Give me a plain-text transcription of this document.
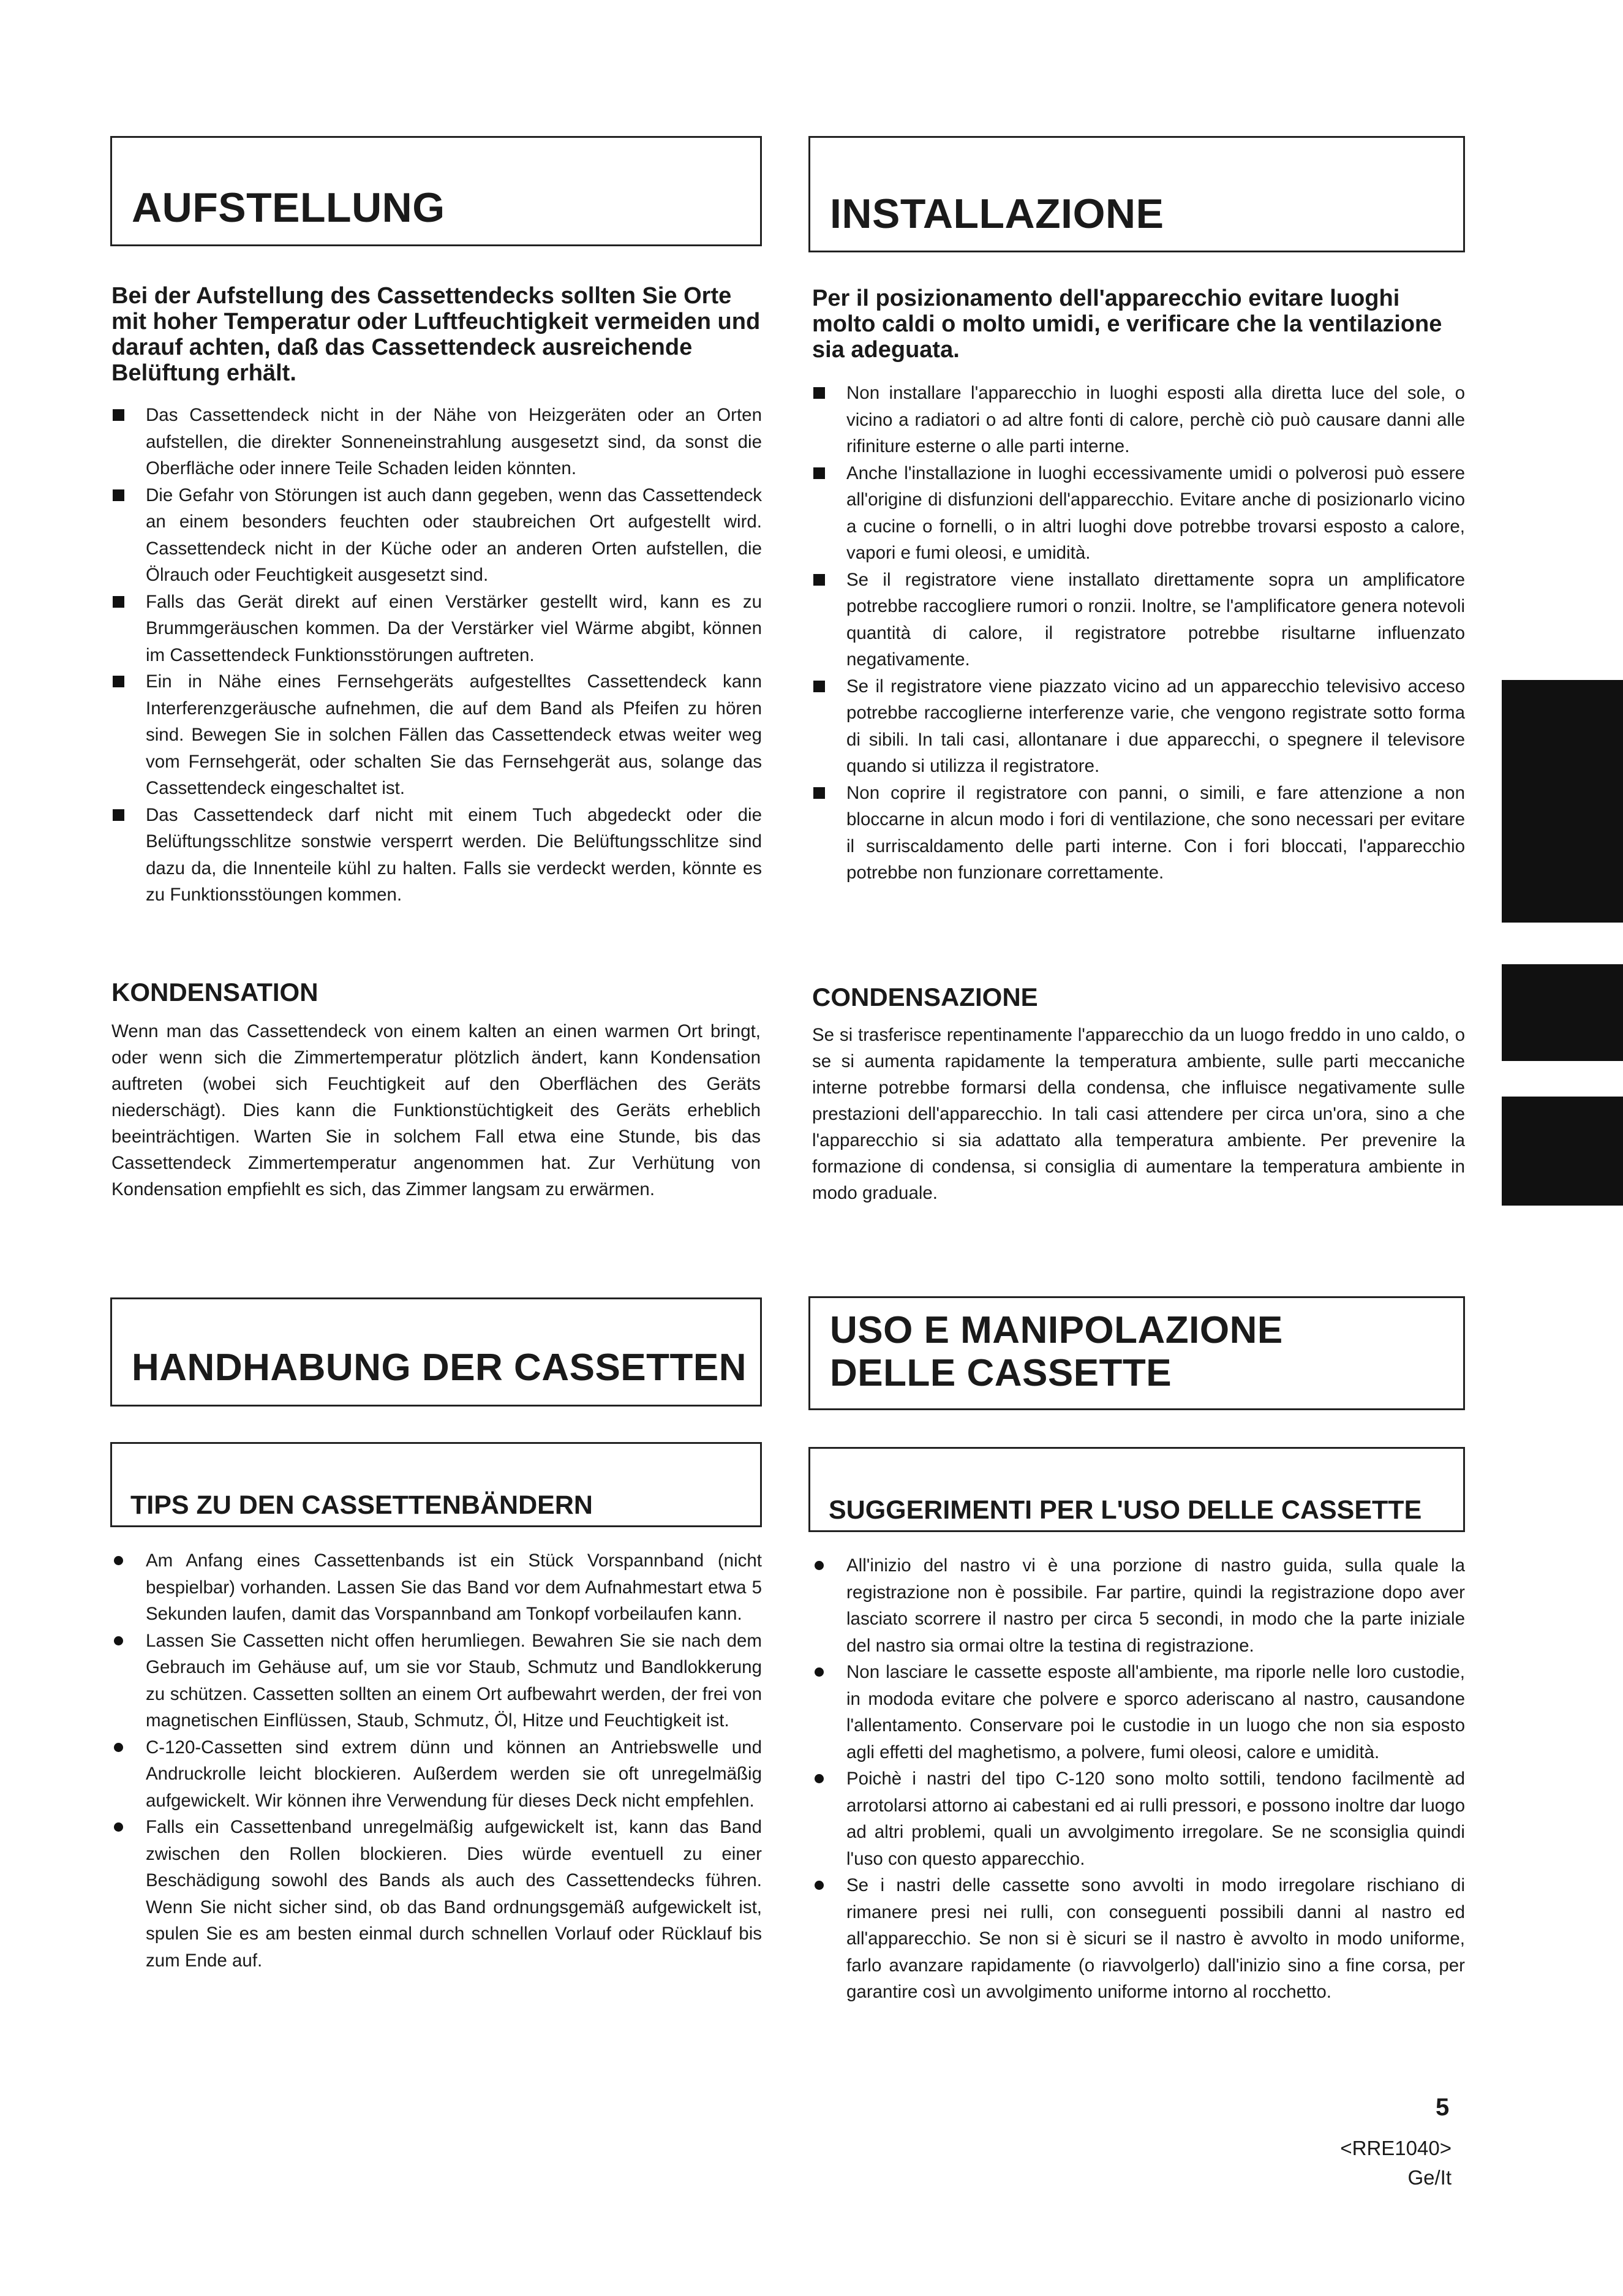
AUFSTELLUNG

Bei der Aufstellung des Cassettendecks sollten Sie Orte mit hoher Temperatur oder Luftfeuchtigkeit vermeiden und darauf achten, daß das Cassettendeck ausreichende Belüftung erhält.

Das Cassettendeck nicht in der Nähe von Heizgeräten oder an Orten aufstellen, die direkter Sonneneinstrahlung ausgesetzt sind, da sonst die Oberfläche oder innere Teile Schaden leiden könnten.
Die Gefahr von Störungen ist auch dann gegeben, wenn das Cassettendeck an einem besonders feuchten oder staubreichen Ort aufgestellt wird. Cassettendeck nicht in der Küche oder an anderen Orten aufstellen, die Ölrauch oder Feuchtigkeit ausgesetzt sind.
Falls das Gerät direkt auf einen Verstärker gestellt wird, kann es zu Brummgeräuschen kommen. Da der Verstärker viel Wärme abgibt, können im Cassettendeck Funktionsstörungen auftreten.
Ein in Nähe eines Fernsehgeräts aufgestelltes Cassettendeck kann Interferenzgeräusche aufnehmen, die auf dem Band als Pfeifen zu hören sind. Bewegen Sie in solchen Fällen das Cassettendeck etwas weiter weg vom Fernsehgerät, oder schalten Sie das Fernsehgerät aus, solange das Cassettendeck eingeschaltet ist.
Das Cassettendeck darf nicht mit einem Tuch abgedeckt oder die Belüftungsschlitze sonstwie versperrt werden. Die Belüftungsschlitze sind dazu da, die Innenteile kühl zu halten. Falls sie verdeckt werden, könnte es zu Funktionsstöungen kommen.
KONDENSATION

Wenn man das Cassettendeck von einem kalten an einen warmen Ort bringt, oder wenn sich die Zimmertemperatur plötzlich ändert, kann Kondensation auftreten (wobei sich Feuchtigkeit auf den Oberflächen des Geräts niederschägt). Dies kann die Funktionstüchtigkeit des Geräts erheblich beeinträchtigen. Warten Sie in solchem Fall etwa eine Stunde, bis das Cassettendeck Zimmertemperatur angenommen hat. Zur Verhütung von Kondensation empfiehlt es sich, das Zimmer langsam zu erwärmen.

HANDHABUNG DER CASSETTEN
TIPS ZU DEN CASSETTENBÄNDERN
Am Anfang eines Cassettenbands ist ein Stück Vorspannband (nicht bespielbar) vorhanden. Lassen Sie das Band vor dem Aufnahmestart etwa 5 Sekunden laufen, damit das Vorspannband am Tonkopf vorbeilaufen kann.
Lassen Sie Cassetten nicht offen herumliegen. Bewahren Sie sie nach dem Gebrauch im Gehäuse auf, um sie vor Staub, Schmutz und Bandlokkerung zu schützen. Cassetten sollten an einem Ort aufbewahrt werden, der frei von magnetischen Einflüssen, Staub, Schmutz, Öl, Hitze und Feuchtigkeit ist.
C-120-Cassetten sind extrem dünn und können an Antriebswelle und Andruckrolle leicht blockieren. Außerdem werden sie oft unregelmäßig aufgewickelt. Wir können ihre Verwendung für dieses Deck nicht empfehlen.
Falls ein Cassettenband unregelmäßig aufgewickelt ist, kann das Band zwischen den Rollen blockieren. Dies würde eventuell zu einer Beschädigung sowohl des Bands als auch des Cassettendecks führen. Wenn Sie nicht sicher sind, ob das Band ordnungsgemäß aufgewickelt ist, spulen Sie es am besten einmal durch schnellen Vorlauf oder Rücklauf bis zum Ende auf.
INSTALLAZIONE

Per il posizionamento dell'apparecchio evitare luoghi molto caldi o molto umidi, e verificare che la ventilazione sia adeguata.

Non installare l'apparecchio in luoghi esposti alla diretta luce del sole, o vicino a radiatori o ad altre fonti di calore, perchè ciò può causare danni alle rifiniture esterne o alle parti interne.
Anche l'installazione in luoghi eccessivamente umidi o polverosi può essere all'origine di disfunzioni dell'apparecchio. Evitare anche di posizionarlo vicino a cucine o fornelli, o in altri luoghi dove potrebbe trovarsi esposto a calore, vapori e fumi oleosi, e umidità.
Se il registratore viene installato direttamente sopra un amplificatore potrebbe raccogliere rumori o ronzii. Inoltre, se l'amplificatore genera notevoli quantità di calore, il registratore potrebbe risultarne influenzato negativamente.
Se il registratore viene piazzato vicino ad un apparecchio televisivo acceso potrebbe raccoglierne interferenze varie, che vengono registrate sotto forma di sibili. In tali casi, allontanare i due apparecchi, o spegnere il televisore quando si utilizza il registratore.
Non coprire il registratore con panni, o simili, e fare attenzione a non bloccarne in alcun modo i fori di ventilazione, che sono necessari per evitare il surriscaldamento delle parti interne. Con i fori bloccati, l'apparecchio potrebbe non funzionare correttamente.
CONDENSAZIONE

Se si trasferisce repentinamente l'apparecchio da un luogo freddo in uno caldo, o se si aumenta rapidamente la temperatura ambiente, sulle parti meccaniche interne potrebbe formarsi della condensa, che influisce negativamente sulle prestazioni dell'apparecchio. In tali casi attendere per circa un'ora, sino a che l'apparecchio si sia adattato alla temperatura ambiente. Per prevenire la formazione di condensa, si consiglia di aumentare la temperatura ambiente in modo graduale.

USO E MANIPOLAZIONE
DELLE CASSETTE
SUGGERIMENTI PER L'USO DELLE CASSETTE
All'inizio del nastro vi è una porzione di nastro guida, sulla quale la registrazione non è possibile. Far partire, quindi la registrazione dopo aver lasciato scorrere il nastro per circa 5 secondi, in modo che la parte iniziale del nastro sia ormai oltre la testina di registrazione.
Non lasciare le cassette esposte all'ambiente, ma riporle nelle loro custodie, in mododa evitare che polvere e sporco aderiscano al nastro, causandone l'allentamento. Conservare poi le custodie in un luogo che non sia esposto agli effetti del maghetismo, a polvere, fumi oleosi, calore e umidità.
Poichè i nastri del tipo C-120 sono molto sottili, tendono facilmentè ad arrotolarsi attorno ai cabestani ed ai rulli pressori, e possono inoltre dar luogo ad altri problemi, quali un avvolgimento irregolare. Se ne sconsiglia quindi l'uso con questo apparecchio.
Se i nastri delle cassette sono avvolti in modo irregolare rischiano di rimanere presi nei rulli, con conseguenti possibili danni al nastro ed all'apparecchio. Se non si è sicuri se il nastro è avvolto in modo uniforme, farlo avanzare rapidamente (o riavvolgerlo) dall'inizio sino a fine corsa, per garantire così un avvolgimento uniforme intorno al rocchetto.
5
<RRE1040>
Ge/It
